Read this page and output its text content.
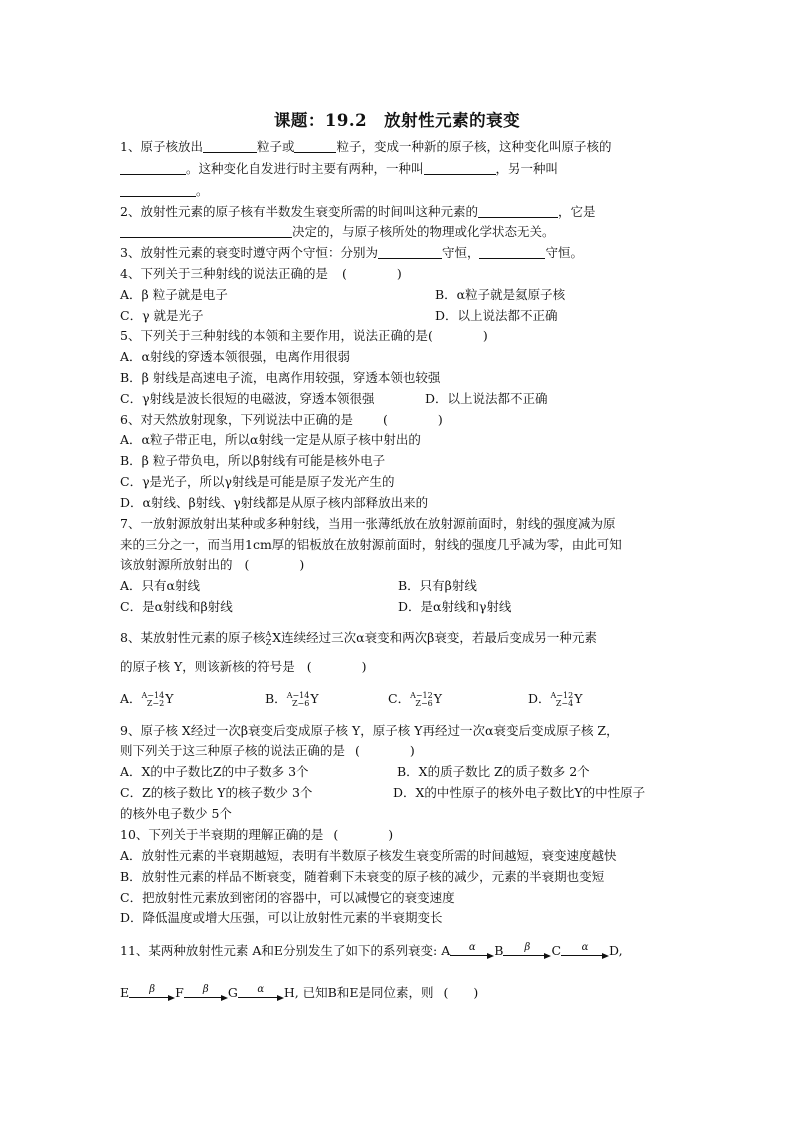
课题：19.2　放射性元素的衰变
1、原子核放出	粒子或	粒子，变成一种新的原子核，这种变化叫原子核的
。这种变化自发进行时主要有两种，一种叫	，另一种叫
。
2、放射性元素的原子核有半数发生衰变所需的时间叫这种元素的	，它是
决定的，与原子核所处的物理或化学状态无关。
3、放射性元素的衰变时遵守两个守恒：分别为	守恒，	守恒。
4、下列关于三种射线的说法正确的是 (　　　　)
A．β 粒子就是电子	B．α粒子就是氦原子核
C．γ 就是光子	D．以上说法都不正确
5、下列关于三种射线的本领和主要作用，说法正确的是(　　　　)
A．α射线的穿透本领很强，电离作用很弱
B．β 射线是高速电子流，电离作用较强，穿透本领也较强
C．γ射线是波长很短的电磁波，穿透本领很强	D．以上说法都不正确
6、对天然放射现象，下列说法中正确的是 (　　　　)
A．α粒子带正电，所以α射线一定是从原子核中射出的
B．β 粒子带负电，所以β射线有可能是核外电子
C．γ是光子，所以γ射线是可能是原子发光产生的
D．α射线、β射线、γ射线都是从原子核内部释放出来的
7、一放射源放射出某种或多种射线，当用一张薄纸放在放射源前面时，射线的强度减为原
来的三分之一，而当用1cm厚的铝板放在放射源前面时，射线的强度几乎减为零，由此可知
该放射源所放射出的 (　　　　)
A．只有α射线	B．只有β射线
C．是α射线和β射线	D．是α射线和γ射线
8、某放射性元素的原子核 A
Z X连续经过三次α衰变和两次β衰变，若最后变成另一种元素
的原子核 Y，则该新核的符号是 (　　　　)
A． A−14
Z−2 Y	B． A−14
Z−6 Y	C． A−12
Z−6 Y	D． A−12
Z−4 Y
9、原子核 X经过一次β衰变后变成原子核 Y，原子核 Y再经过一次α衰变后变成原子核 Z，
则下列关于这三种原子核的说法正确的是 (　　　　)
A．X的中子数比Z的中子数多 3个	B．X的质子数比 Z的质子数多 2个
C．Z的核子数比 Y的核子数少 3个	D．X的中性原子的核外电子数比Y的中性原子
的核外电子数少 5个
10、下列关于半衰期的理解正确的是 (　　　　)
A．放射性元素的半衰期越短，表明有半数原子核发生衰变所需的时间越短，衰变速度越快
B．放射性元素的样品不断衰变，随着剩下未衰变的原子核的减少，元素的半衰期也变短
C．把放射性元素放到密闭的容器中，可以减慢它的衰变速度
D．降低温度或增大压强，可以让放射性元素的半衰期变长
11、某两种放射性元素 A和E分别发生了如下的系列衰变: A	α	B	β	C	α	D,
E	β	F	β	G	α	H, 已知B和E是同位素，则 (　　)
